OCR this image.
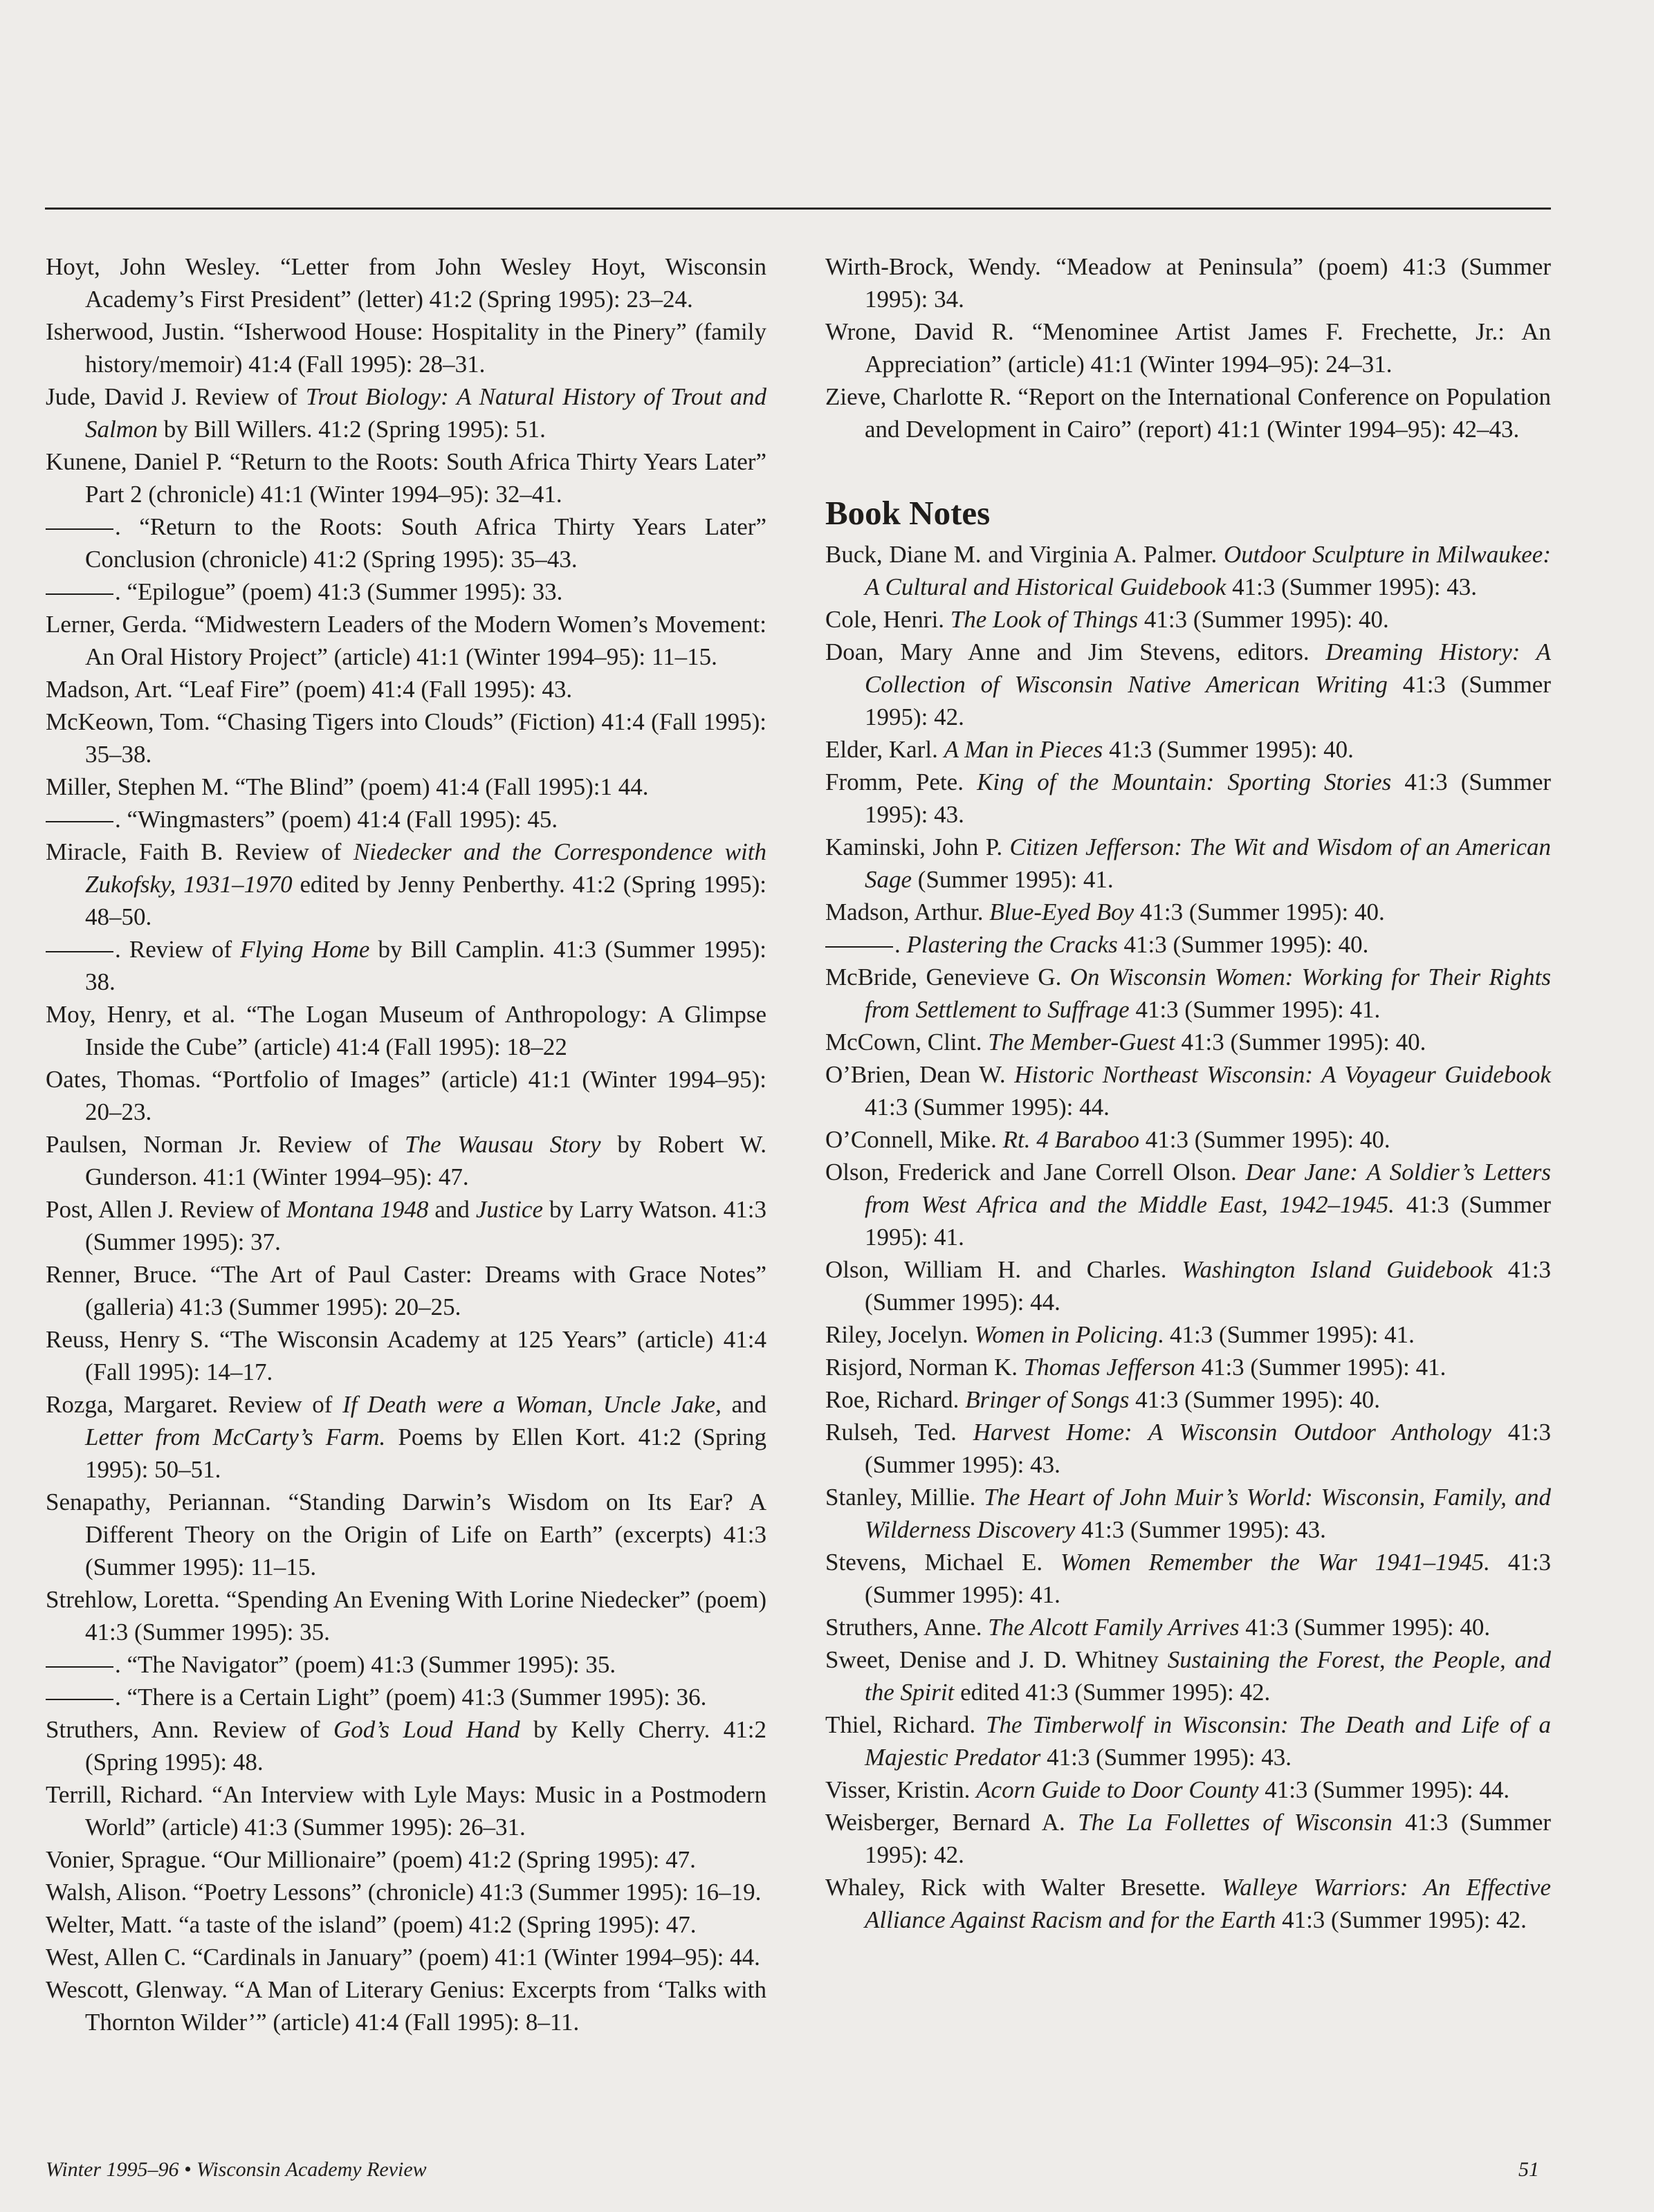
Hoyt, John Wesley. “Letter from John Wesley Hoyt, Wisconsin Academy’s First President” (letter) 41:2 (Spring 1995): 23–24.

Isherwood, Justin. “Isherwood House: Hospitality in the Pinery” (family history/memoir) 41:4 (Fall 1995): 28–31.

Jude, David J. Review of Trout Biology: A Natural History of Trout and Salmon by Bill Willers. 41:2 (Spring 1995): 51.

Kunene, Daniel P. “Return to the Roots: South Africa Thirty Years Later” Part 2 (chronicle) 41:1 (Winter 1994–95): 32–41.

. “Return to the Roots: South Africa Thirty Years Later” Conclusion (chronicle) 41:2 (Spring 1995): 35–43.

. “Epilogue” (poem) 41:3 (Summer 1995): 33.

Lerner, Gerda. “Midwestern Leaders of the Modern Women’s Movement: An Oral History Project” (article) 41:1 (Winter 1994–95): 11–15.

Madson, Art. “Leaf Fire” (poem) 41:4 (Fall 1995): 43.

McKeown, Tom. “Chasing Tigers into Clouds” (Fiction) 41:4 (Fall 1995): 35–38.

Miller, Stephen M. “The Blind” (poem) 41:4 (Fall 1995):1 44.

. “Wingmasters” (poem) 41:4 (Fall 1995): 45.

Miracle, Faith B. Review of Niedecker and the Correspondence with Zukofsky, 1931–1970 edited by Jenny Penberthy. 41:2 (Spring 1995): 48–50.

. Review of Flying Home by Bill Camplin. 41:3 (Summer 1995): 38.

Moy, Henry, et al. “The Logan Museum of Anthropology: A Glimpse Inside the Cube” (article) 41:4 (Fall 1995): 18–22

Oates, Thomas. “Portfolio of Images” (article) 41:1 (Winter 1994–95): 20–23.

Paulsen, Norman Jr. Review of The Wausau Story by Robert W. Gunderson. 41:1 (Winter 1994–95): 47.

Post, Allen J. Review of Montana 1948 and Justice by Larry Watson. 41:3 (Summer 1995): 37.

Renner, Bruce. “The Art of Paul Caster: Dreams with Grace Notes” (galleria) 41:3 (Summer 1995): 20–25.

Reuss, Henry S. “The Wisconsin Academy at 125 Years” (article) 41:4 (Fall 1995): 14–17.

Rozga, Margaret. Review of If Death were a Woman, Uncle Jake, and Letter from McCarty’s Farm. Poems by Ellen Kort. 41:2 (Spring 1995): 50–51.

Senapathy, Periannan. “Standing Darwin’s Wisdom on Its Ear? A Different Theory on the Origin of Life on Earth” (excerpts) 41:3 (Summer 1995): 11–15.

Strehlow, Loretta. “Spending An Evening With Lorine Niedecker” (poem) 41:3 (Summer 1995): 35.

. “The Navigator” (poem) 41:3 (Summer 1995): 35.

. “There is a Certain Light” (poem) 41:3 (Summer 1995): 36.

Struthers, Ann. Review of God’s Loud Hand by Kelly Cherry. 41:2 (Spring 1995): 48.

Terrill, Richard. “An Interview with Lyle Mays: Music in a Postmodern World” (article) 41:3 (Summer 1995): 26–31.

Vonier, Sprague. “Our Millionaire” (poem) 41:2 (Spring 1995): 47.

Walsh, Alison. “Poetry Lessons” (chronicle) 41:3 (Summer 1995): 16–19.

Welter, Matt. “a taste of the island” (poem) 41:2 (Spring 1995): 47.

West, Allen C. “Cardinals in January” (poem) 41:1 (Winter 1994–95): 44.

Wescott, Glenway. “A Man of Literary Genius: Excerpts from ‘Talks with Thornton Wilder’” (article) 41:4 (Fall 1995): 8–11.

Wirth-Brock, Wendy. “Meadow at Peninsula” (poem) 41:3 (Summer 1995): 34.

Wrone, David R. “Menominee Artist James F. Frechette, Jr.: An Appreciation” (article) 41:1 (Winter 1994–95): 24–31.

Zieve, Charlotte R. “Report on the International Conference on Population and Development in Cairo” (report) 41:1 (Winter 1994–95): 42–43.

Book Notes

Buck, Diane M. and Virginia A. Palmer. Outdoor Sculpture in Milwaukee: A Cultural and Historical Guidebook 41:3 (Summer 1995): 43.

Cole, Henri. The Look of Things 41:3 (Summer 1995): 40.

Doan, Mary Anne and Jim Stevens, editors. Dreaming History: A Collection of Wisconsin Native American Writing 41:3 (Summer 1995): 42.

Elder, Karl. A Man in Pieces 41:3 (Summer 1995): 40.

Fromm, Pete. King of the Mountain: Sporting Stories 41:3 (Summer 1995): 43.

Kaminski, John P. Citizen Jefferson: The Wit and Wisdom of an American Sage (Summer 1995): 41.

Madson, Arthur. Blue-Eyed Boy 41:3 (Summer 1995): 40.

. Plastering the Cracks 41:3 (Summer 1995): 40.

McBride, Genevieve G. On Wisconsin Women: Working for Their Rights from Settlement to Suffrage 41:3 (Summer 1995): 41.

McCown, Clint. The Member-Guest 41:3 (Summer 1995): 40.

O’Brien, Dean W. Historic Northeast Wisconsin: A Voyageur Guidebook 41:3 (Summer 1995): 44.

O’Connell, Mike. Rt. 4 Baraboo 41:3 (Summer 1995): 40.

Olson, Frederick and Jane Correll Olson. Dear Jane: A Soldier’s Letters from West Africa and the Middle East, 1942–1945. 41:3 (Summer 1995): 41.

Olson, William H. and Charles. Washington Island Guidebook 41:3 (Summer 1995): 44.

Riley, Jocelyn. Women in Policing. 41:3 (Summer 1995): 41.

Risjord, Norman K. Thomas Jefferson 41:3 (Summer 1995): 41.

Roe, Richard. Bringer of Songs 41:3 (Summer 1995): 40.

Rulseh, Ted. Harvest Home: A Wisconsin Outdoor Anthology 41:3 (Summer 1995): 43.

Stanley, Millie. The Heart of John Muir’s World: Wisconsin, Family, and Wilderness Discovery 41:3 (Summer 1995): 43.

Stevens, Michael E. Women Remember the War 1941–1945. 41:3 (Summer 1995): 41.

Struthers, Anne. The Alcott Family Arrives 41:3 (Summer 1995): 40.

Sweet, Denise and J. D. Whitney Sustaining the Forest, the People, and the Spirit edited 41:3 (Summer 1995): 42.

Thiel, Richard. The Timberwolf in Wisconsin: The Death and Life of a Majestic Predator 41:3 (Summer 1995): 43.

Visser, Kristin. Acorn Guide to Door County 41:3 (Summer 1995): 44.

Weisberger, Bernard A. The La Follettes of Wisconsin 41:3 (Summer 1995): 42.

Whaley, Rick with Walter Bresette. Walleye Warriors: An Effective Alliance Against Racism and for the Earth 41:3 (Summer 1995): 42.

Winter 1995–96 • Wisconsin Academy Review	51
